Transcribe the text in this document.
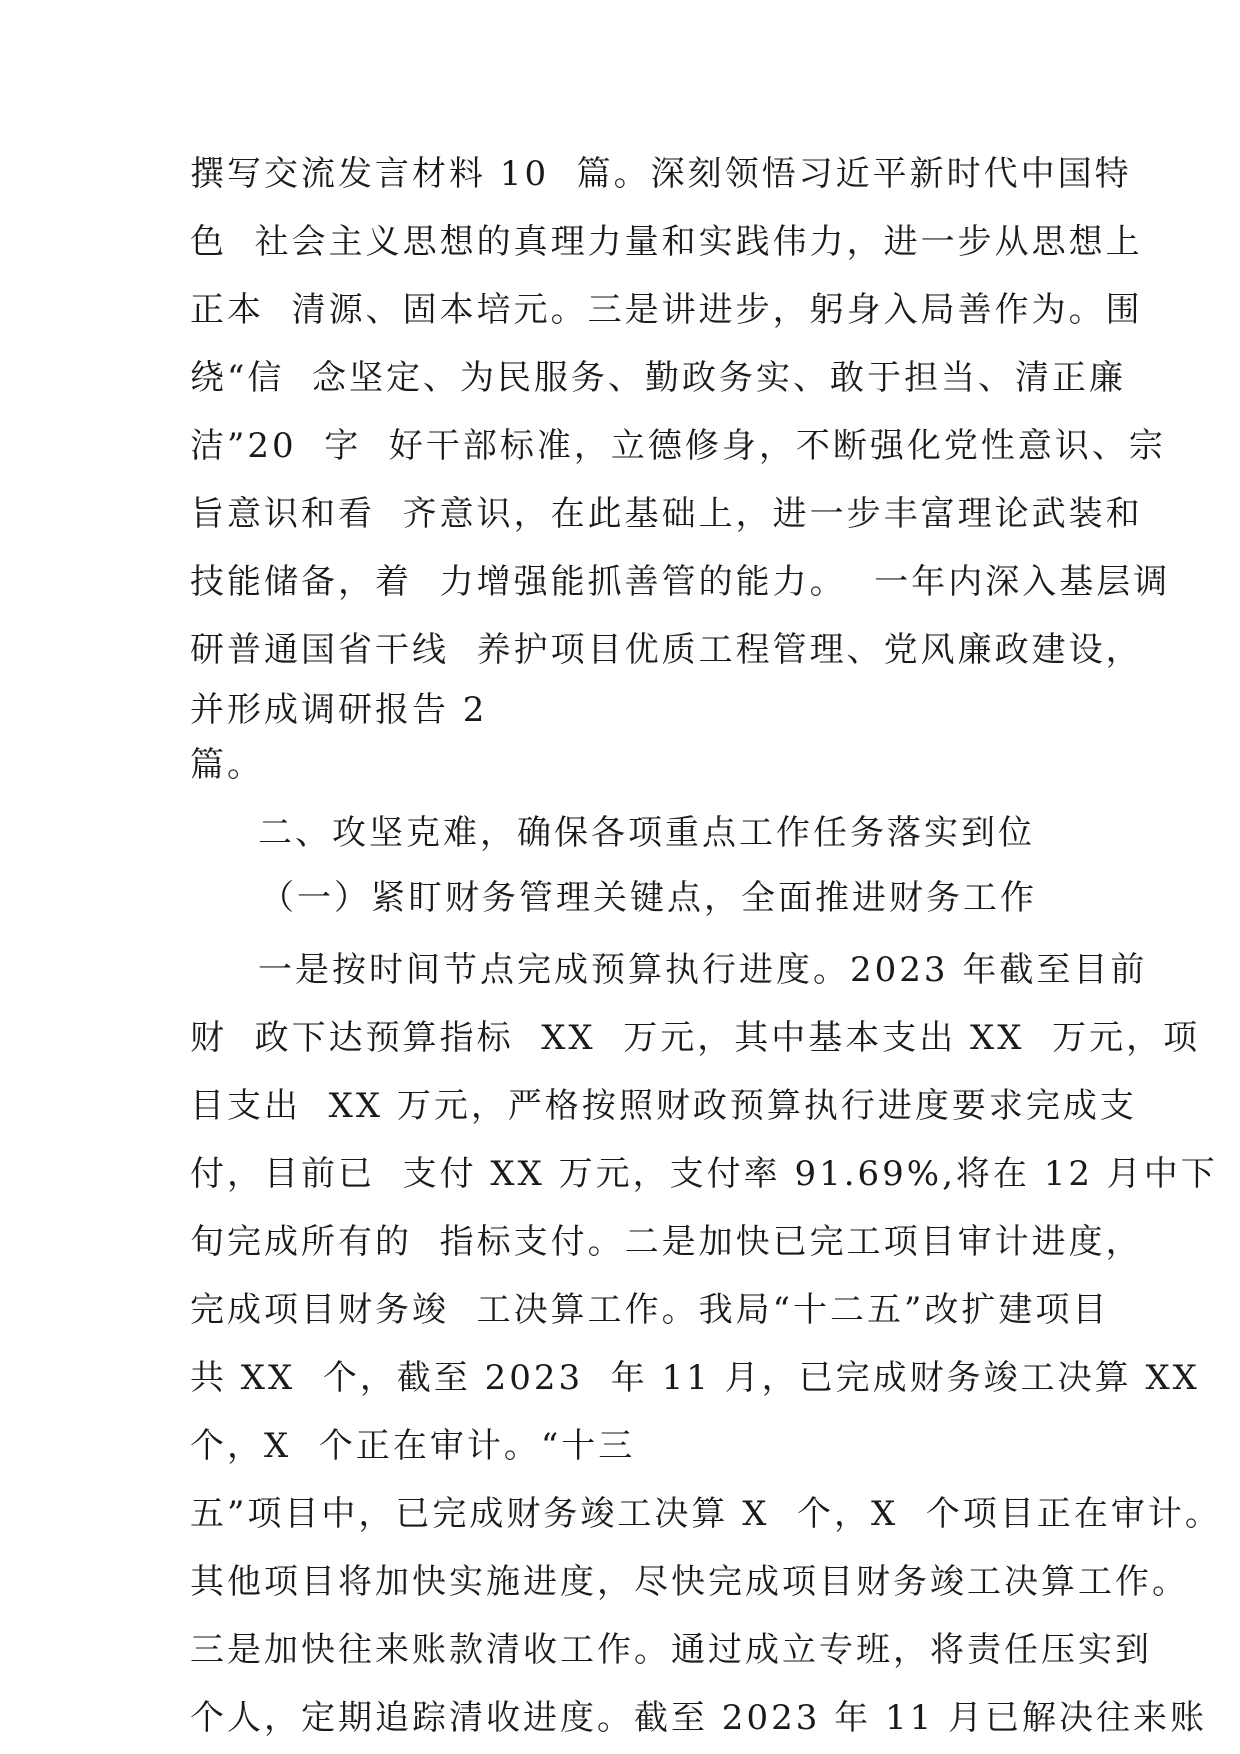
撰写交流发言材料 10  篇。深刻领悟习近平新时代中国特

色  社会主义思想的真理力量和实践伟力，进一步从思想上

正本  清源、固本培元。三是讲进步，躬身入局善作为。围

绕“信  念坚定、为民服务、勤政务实、敢于担当、清正廉

洁”20  字  好干部标准，立德修身，不断强化党性意识、宗

旨意识和看  齐意识，在此基础上，进一步丰富理论武装和

技能储备，着  力增强能抓善管的能力。  一年内深入基层调

研普通国省干线  养护项目优质工程管理、党风廉政建设，

并形成调研报告 2

篇。

二、攻坚克难，确保各项重点工作任务落实到位

（一）紧盯财务管理关键点，全面推进财务工作

一是按时间节点完成预算执行进度。2023 年截至目前

财  政下达预算指标  XX  万元，其中基本支出 XX  万元，项

目支出  XX 万元，严格按照财政预算执行进度要求完成支

付，目前已  支付 XX 万元，支付率 91.69%,将在 12 月中下

旬完成所有的  指标支付。二是加快已完工项目审计进度，

完成项目财务竣  工决算工作。我局“十二五”改扩建项目

共 XX  个，截至 2023  年 11 月，已完成财务竣工决算 XX

个，X  个正在审计。“十三

五”项目中，已完成财务竣工决算 X  个，X  个项目正在审计。

其他项目将加快实施进度，尽快完成项目财务竣工决算工作。

三是加快往来账款清收工作。通过成立专班，将责任压实到

个人，定期追踪清收进度。截至 2023 年 11 月已解决往来账
